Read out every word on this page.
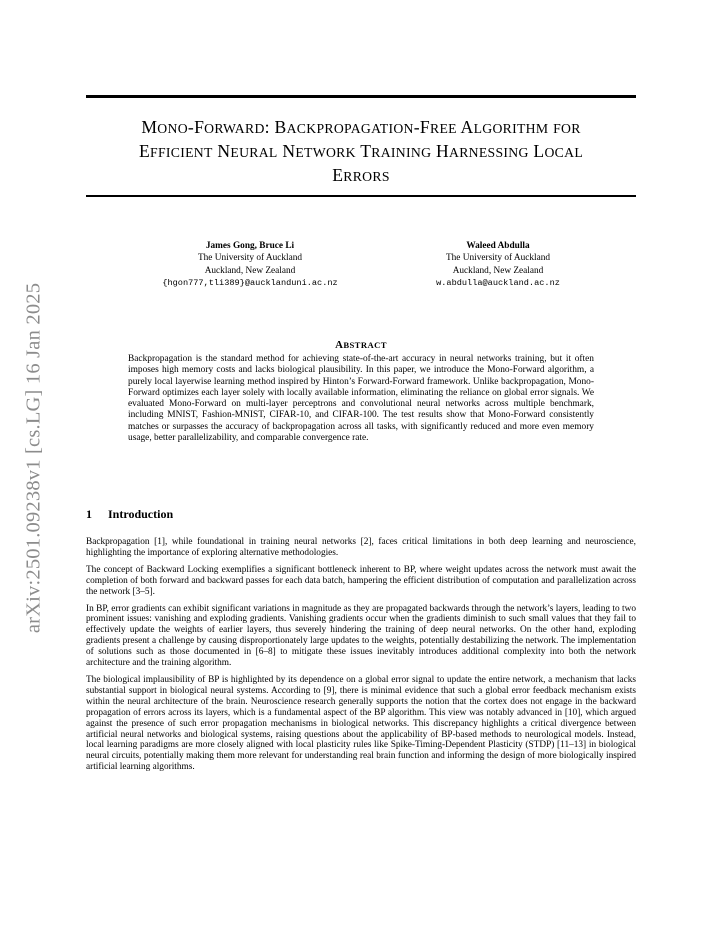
arXiv:2501.09238v1 [cs.LG] 16 Jan 2025
MONO-FORWARD: BACKPROPAGATION-FREE ALGORITHM FOR
EFFICIENT NEURAL NETWORK TRAINING HARNESSING LOCAL
ERRORS
James Gong, Bruce Li
The University of Auckland
Auckland, New Zealand
{hgon777,tli389}@aucklanduni.ac.nz
Waleed Abdulla
The University of Auckland
Auckland, New Zealand
w.abdulla@auckland.ac.nz
ABSTRACT
Backpropagation is the standard method for achieving state-of-the-art accuracy in neural networks training, but it often imposes high memory costs and lacks biological plausibility. In this paper, we introduce the Mono-Forward algorithm, a purely local layerwise learning method inspired by Hinton’s Forward-Forward framework. Unlike backpropagation, Mono-Forward optimizes each layer solely with locally available information, eliminating the reliance on global error signals. We evaluated Mono-Forward on multi-layer perceptrons and convolutional neural networks across multiple benchmark, including MNIST, Fashion-MNIST, CIFAR-10, and CIFAR-100. The test results show that Mono-Forward consistently matches or surpasses the accuracy of backpropagation across all tasks, with significantly reduced and more even memory usage, better parallelizability, and comparable convergence rate.
1 Introduction

Backpropagation [1], while foundational in training neural networks [2], faces critical limitations in both deep learning and neuroscience, highlighting the importance of exploring alternative methodologies.

The concept of Backward Locking exemplifies a significant bottleneck inherent to BP, where weight updates across the network must await the completion of both forward and backward passes for each data batch, hampering the efficient distribution of computation and parallelization across the network [3–5].

In BP, error gradients can exhibit significant variations in magnitude as they are propagated backwards through the network’s layers, leading to two prominent issues: vanishing and exploding gradients. Vanishing gradients occur when the gradients diminish to such small values that they fail to effectively update the weights of earlier layers, thus severely hindering the training of deep neural networks. On the other hand, exploding gradients present a challenge by causing disproportionately large updates to the weights, potentially destabilizing the network. The implementation of solutions such as those documented in [6–8] to mitigate these issues inevitably introduces additional complexity into both the network architecture and the training algorithm.

The biological implausibility of BP is highlighted by its dependence on a global error signal to update the entire network, a mechanism that lacks substantial support in biological neural systems. According to [9], there is minimal evidence that such a global error feedback mechanism exists within the neural architecture of the brain. Neuroscience research generally supports the notion that the cortex does not engage in the backward propagation of errors across its layers, which is a fundamental aspect of the BP algorithm. This view was notably advanced in [10], which argued against the presence of such error propagation mechanisms in biological networks. This discrepancy highlights a critical divergence between artificial neural networks and biological systems, raising questions about the applicability of BP-based methods to neurological models. Instead, local learning paradigms are more closely aligned with local plasticity rules like Spike-Timing-Dependent Plasticity (STDP) [11–13] in biological neural circuits, potentially making them more relevant for understanding real brain function and informing the design of more biologically inspired artificial learning algorithms.
